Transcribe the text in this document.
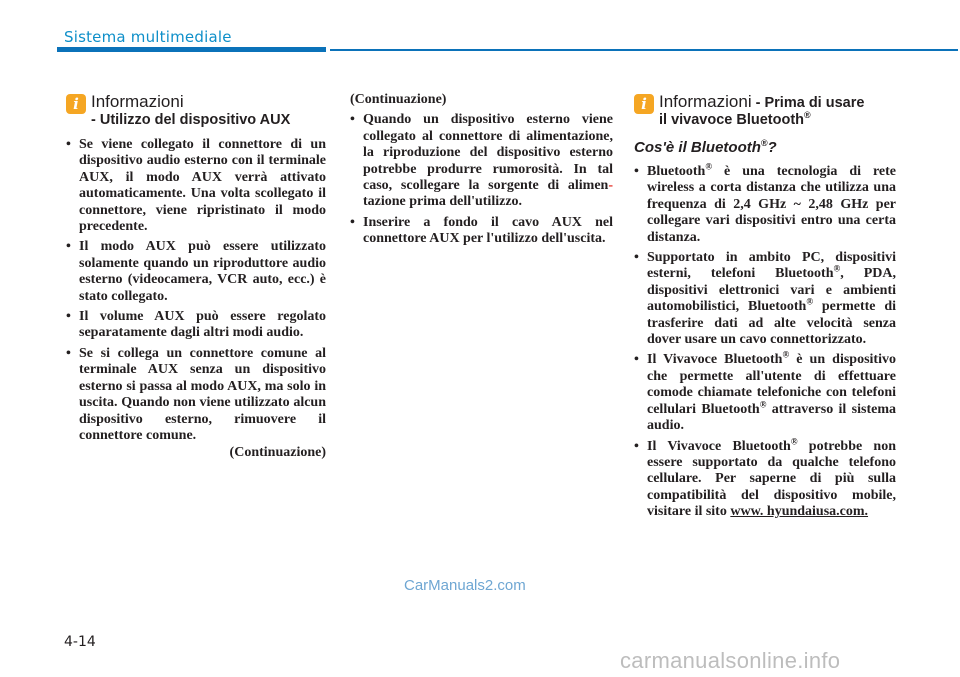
Sistema multimediale
i Informazioni
- Utilizzo del dispositivo AUX
• Se viene collegato il connettore di un dispositivo audio esterno con il terminale AUX, il modo AUX verrà attivato automaticamente. Una volta scollegato il connettore, viene ripristinato il modo precedente.
• Il modo AUX può essere utilizzato solamente quando un riproduttore audio esterno (videocamera, VCR auto, ecc.) è stato collegato.
• Il volume AUX può essere regolato separatamente dagli altri modi audio.
• Se si collega un connettore comune al terminale AUX senza un dispositivo esterno si passa al modo AUX, ma solo in uscita. Quando non viene utilizzato alcun dispositivo esterno, rimuovere il connettore comune.
(Continuazione)
(Continuazione)
• Quando un dispositivo esterno viene collegato al connettore di alimentazione, la riproduzione del dispositivo esterno potrebbe produrre rumorosità. In tal caso, scollegare la sorgente di alimen- tazione prima dell'utilizzo.
• Inserire a fondo il cavo AUX nel connettore AUX per l'utilizzo dell'uscita.
i Informazioni - Prima di usare
il vivavoce Bluetooth®
Cos'è il Bluetooth®?
• Bluetooth® è una tecnologia di rete wireless a corta distanza che utilizza una frequenza di 2,4 GHz ~ 2,48 GHz per collegare vari dispositivi entro una certa distanza.
• Supportato in ambito PC, dispositivi esterni, telefoni Bluetooth®, PDA, dispositivi elettronici vari e ambienti automobilistici, Bluetooth® permette di trasferire dati ad alte velocità senza dover usare un cavo connettorizzato.
• Il Vivavoce Bluetooth® è un dispositivo che permette all'utente di effettuare comode chiamate telefoniche con telefoni cellulari Bluetooth® attraverso il sistema audio.
• Il Vivavoce Bluetooth® potrebbe non essere supportato da qualche telefono cellulare. Per saperne di più sulla compatibilità del dispositivo mobile, visitare il sito www. hyundaiusa.com.
CarManuals2.com
4-14
carmanualsonline.info
